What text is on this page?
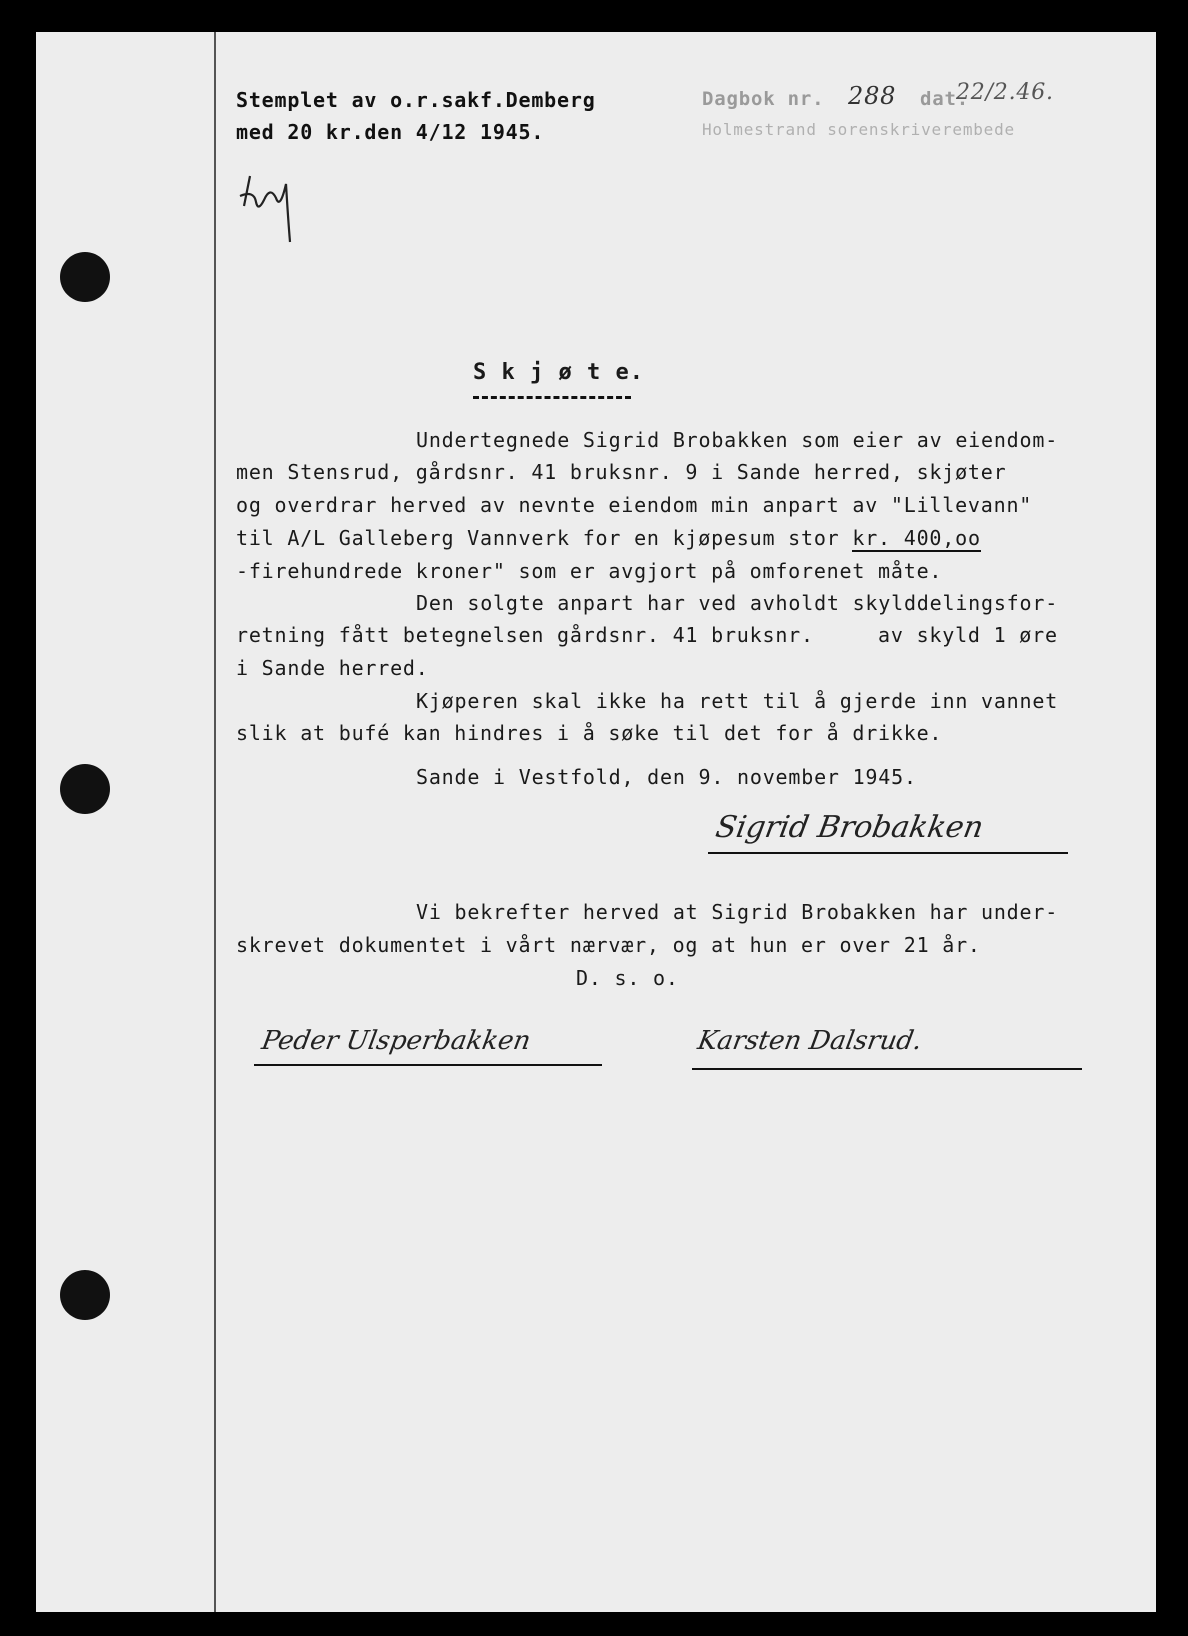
Stemplet av o.r.sakf.Demberg
med 20 kr.den 4/12 1945.
Dagbok nr. 288 dat.
22/2.46.
Holmestrand sorenskriverembede
S k j ø t e.
Undertegnede Sigrid Brobakken som eier av eiendom-
men Stensrud, gårdsnr. 41 bruksnr. 9 i Sande herred, skjøter
og overdrar herved av nevnte eiendom min anpart av "Lillevann"
til A/L Galleberg Vannverk for en kjøpesum stor kr. 400,oo
-firehundrede kroner" som er avgjort på omforenet måte.
Den solgte anpart har ved avholdt skylddelingsfor-
retning fått betegnelsen gårdsnr. 41 bruksnr.     av skyld 1 øre
i Sande herred.
Kjøperen skal ikke ha rett til å gjerde inn vannet
slik at bufé kan hindres i å søke til det for å drikke.
Sande i Vestfold, den 9. november 1945.
Sigrid Brobakken
Vi bekrefter herved at Sigrid Brobakken har under-
skrevet dokumentet i vårt nærvær, og at hun er over 21 år.
D. s. o.
Peder Ulsperbakken	Karsten Dalsrud.
